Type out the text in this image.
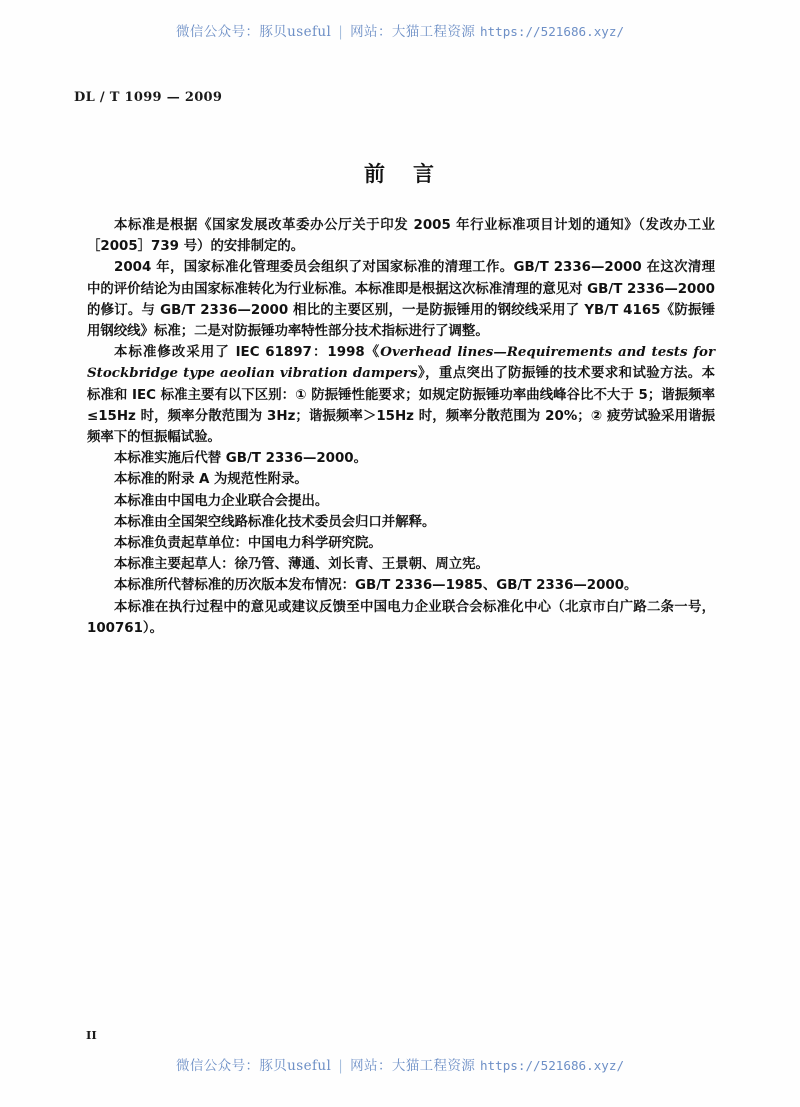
微信公众号：豚贝useful | 网站：大猫工程资源 https://521686.xyz/
DL / T 1099 — 2009
前 言

本标准是根据《国家发展改革委办公厅关于印发 2005 年行业标准项目计划的通知》（发改办工业［2005］739 号）的安排制定的。

2004 年，国家标准化管理委员会组织了对国家标准的清理工作。GB/T 2336—2000 在这次清理中的评价结论为由国家标准转化为行业标准。本标准即是根据这次标准清理的意见对 GB/T 2336—2000 的修订。与 GB/T 2336—2000 相比的主要区别，一是防振锤用的钢绞线采用了 YB/T 4165《防振锤用钢绞线》标准；二是对防振锤功率特性部分技术指标进行了调整。

本标准修改采用了 IEC 61897：1998《Overhead lines—Requirements and tests for Stockbridge type aeolian vibration dampers》，重点突出了防振锤的技术要求和试验方法。本标准和 IEC 标准主要有以下区别：① 防振锤性能要求；如规定防振锤功率曲线峰谷比不大于 5；谐振频率≤15Hz 时，频率分散范围为 3Hz；谐振频率＞15Hz 时，频率分散范围为 20%；② 疲劳试验采用谐振频率下的恒振幅试验。

本标准实施后代替 GB/T 2336—2000。

本标准的附录 A 为规范性附录。

本标准由中国电力企业联合会提出。

本标准由全国架空线路标准化技术委员会归口并解释。

本标准负责起草单位：中国电力科学研究院。

本标准主要起草人：徐乃管、薄通、刘长青、王景朝、周立宪。

本标准所代替标准的历次版本发布情况：GB/T 2336—1985、GB/T 2336—2000。

本标准在执行过程中的意见或建议反馈至中国电力企业联合会标准化中心（北京市白广路二条一号，100761）。

II
微信公众号：豚贝useful | 网站：大猫工程资源 https://521686.xyz/
